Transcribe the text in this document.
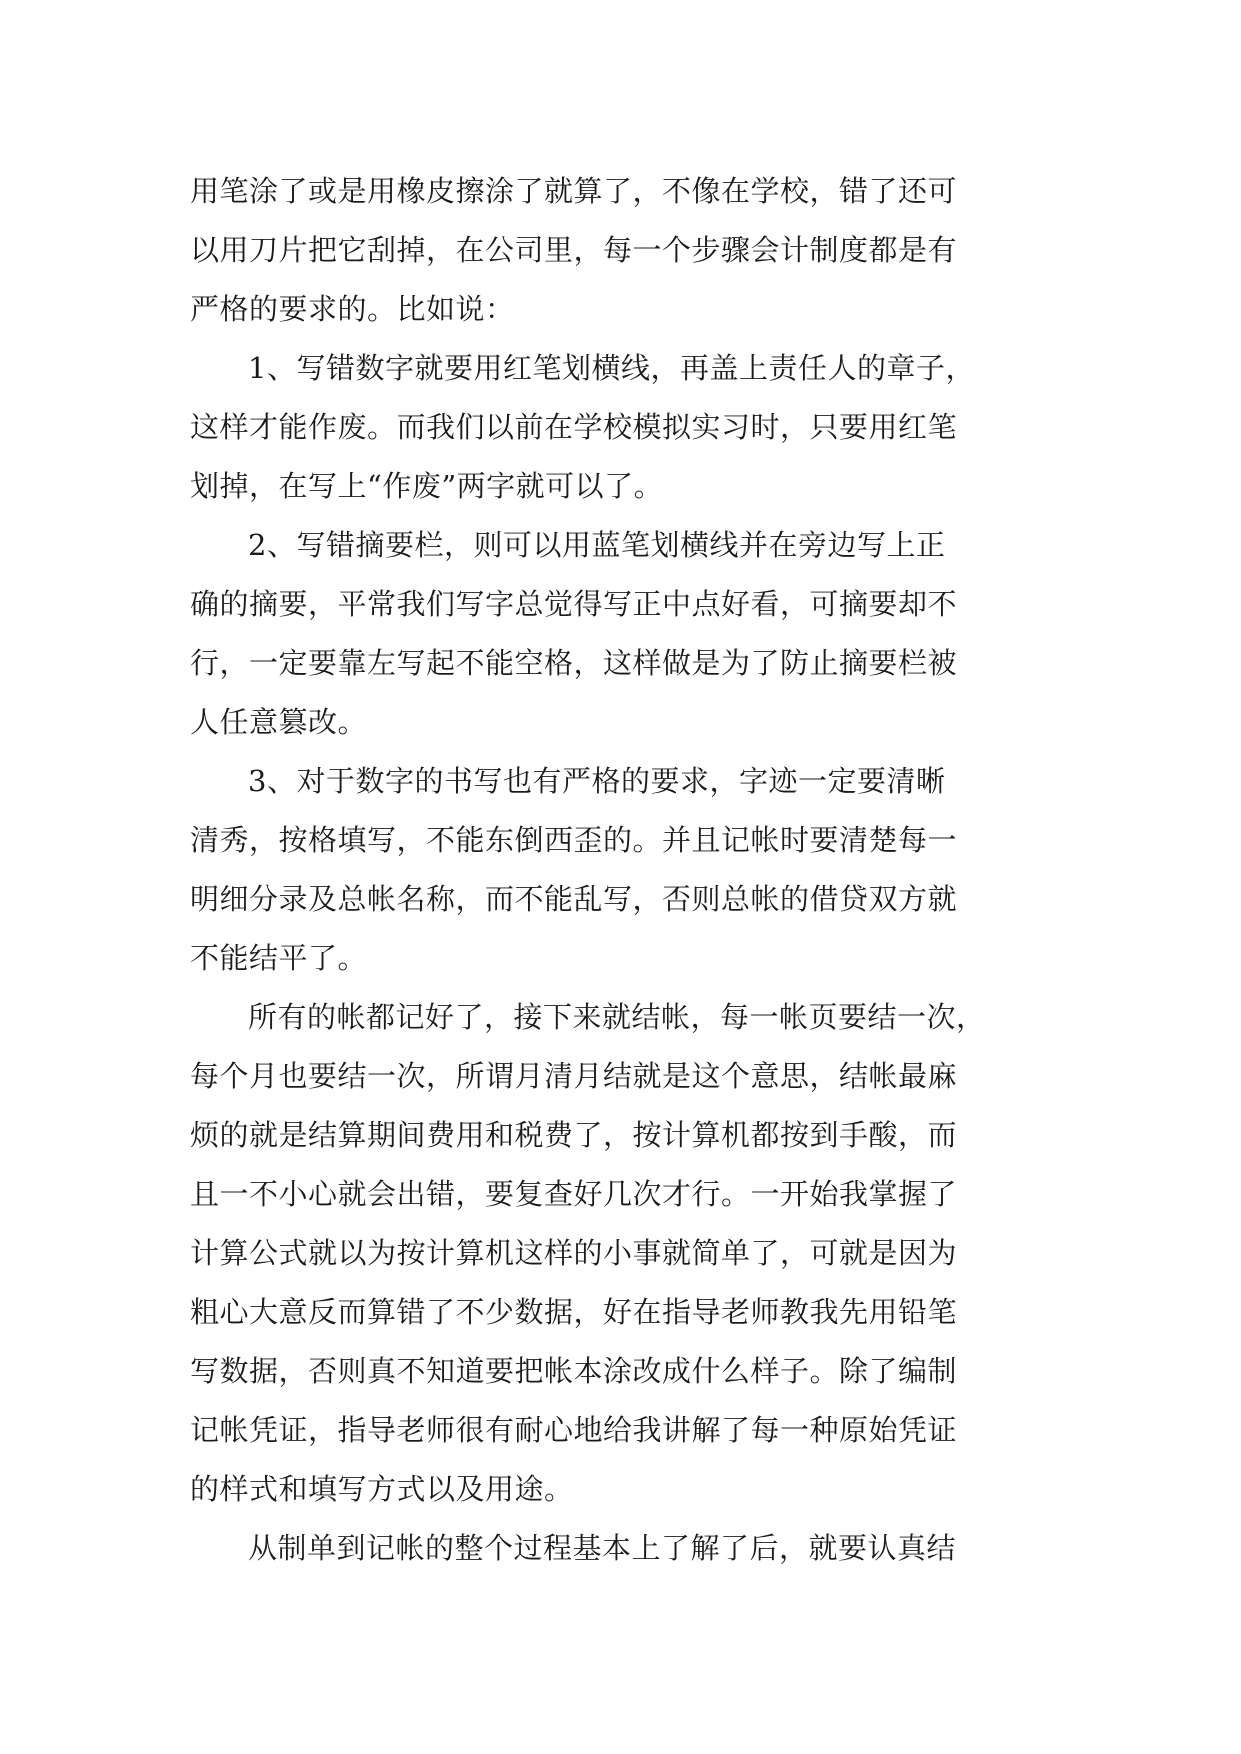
用笔涂了或是用橡皮擦涂了就算了，不像在学校，错了还可
以用刀片把它刮掉，在公司里，每一个步骤会计制度都是有
严格的要求的。比如说：
1、写错数字就要用红笔划横线，再盖上责任人的章子，
这样才能作废。而我们以前在学校模拟实习时，只要用红笔
划掉，在写上“作废”两字就可以了。
2、写错摘要栏，则可以用蓝笔划横线并在旁边写上正
确的摘要，平常我们写字总觉得写正中点好看，可摘要却不
行，一定要靠左写起不能空格，这样做是为了防止摘要栏被
人任意篡改。
3、对于数字的书写也有严格的要求，字迹一定要清晰
清秀，按格填写，不能东倒西歪的。并且记帐时要清楚每一
明细分录及总帐名称，而不能乱写，否则总帐的借贷双方就
不能结平了。
所有的帐都记好了，接下来就结帐，每一帐页要结一次，
每个月也要结一次，所谓月清月结就是这个意思，结帐最麻
烦的就是结算期间费用和税费了，按计算机都按到手酸，而
且一不小心就会出错，要复查好几次才行。一开始我掌握了
计算公式就以为按计算机这样的小事就简单了，可就是因为
粗心大意反而算错了不少数据，好在指导老师教我先用铅笔
写数据，否则真不知道要把帐本涂改成什么样子。除了编制
记帐凭证，指导老师很有耐心地给我讲解了每一种原始凭证
的样式和填写方式以及用途。
从制单到记帐的整个过程基本上了解了后，就要认真结
